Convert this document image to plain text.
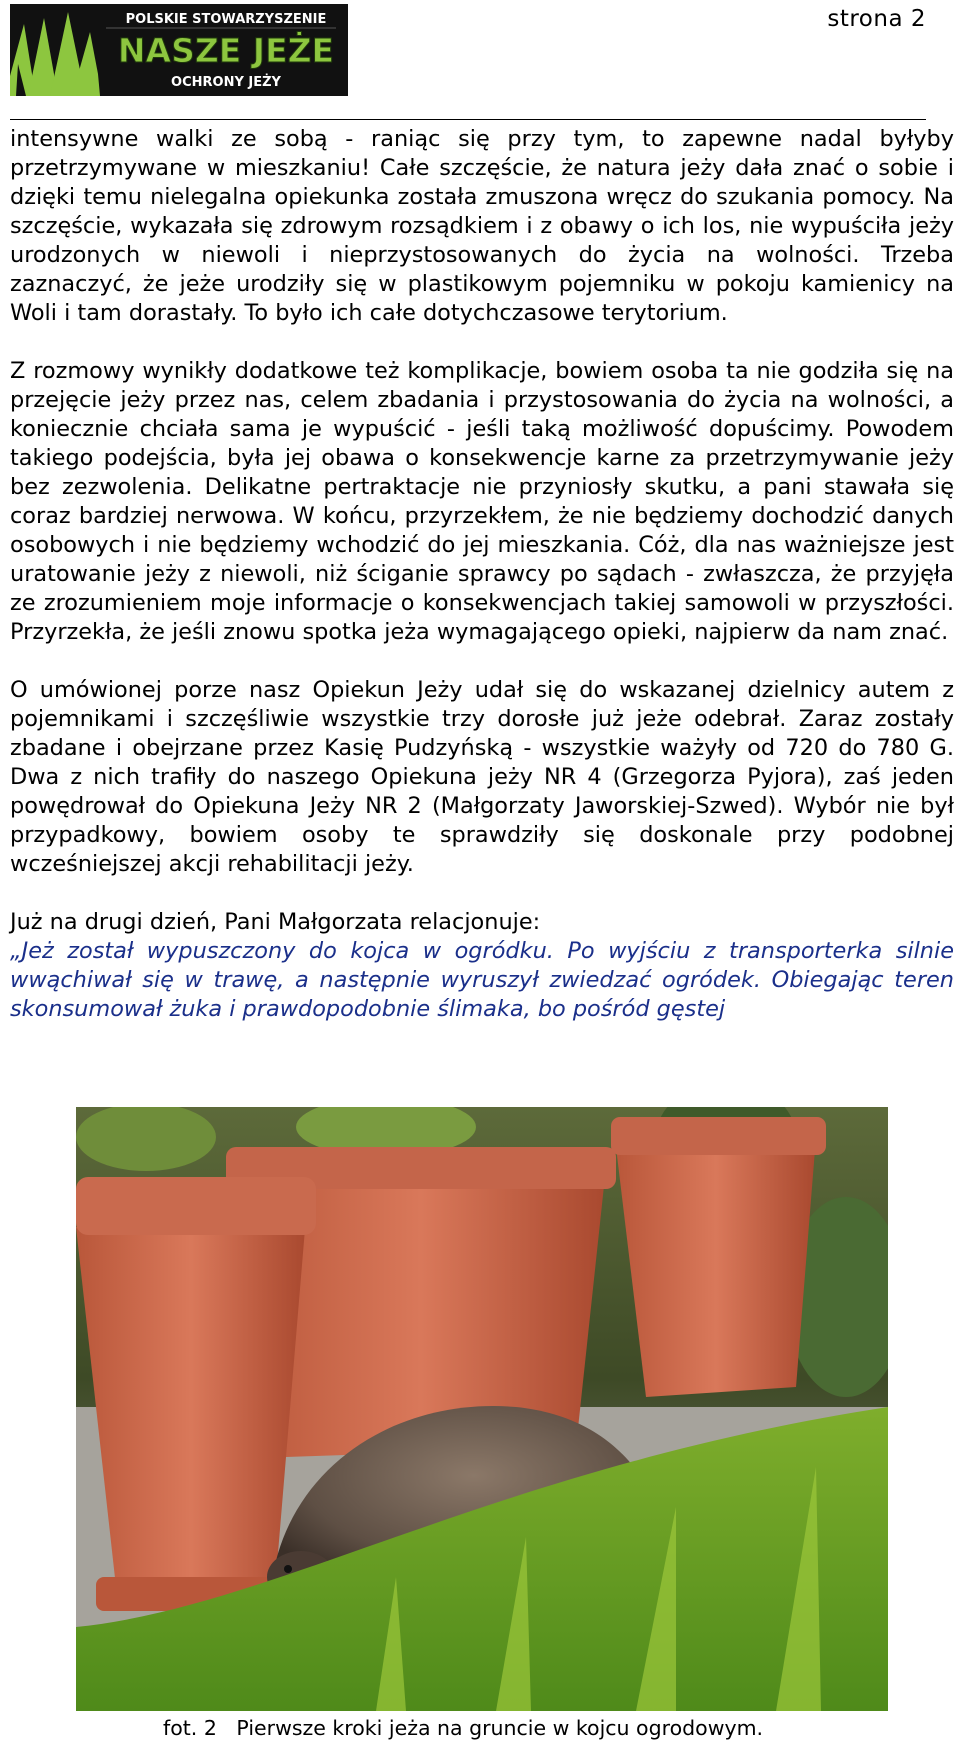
POLSKIE STOWARZYSZENIE
NASZE JEŻE
OCHRONY JEŻY
strona 2

intensywne walki ze sobą - raniąc się przy tym, to zapewne nadal byłyby przetrzymywane w mieszkaniu! Całe szczęście, że natura jeży dała znać o sobie i dzięki temu nielegalna opiekunka została zmuszona wręcz do szukania pomocy. Na szczęście, wykazała się zdrowym rozsądkiem i z obawy o ich los, nie wypuściła jeży urodzonych w niewoli i nieprzystosowanych do życia na wolności. Trzeba zaznaczyć, że jeże urodziły się w plastikowym pojemniku w pokoju kamienicy na Woli i tam dorastały. To było ich całe dotychczasowe terytorium.

Z rozmowy wynikły dodatkowe też komplikacje, bowiem osoba ta nie godziła się na przejęcie jeży przez nas, celem zbadania i przystosowania do życia na wolności, a koniecznie chciała sama je wypuścić - jeśli taką możliwość dopuścimy. Powodem takiego podejścia, była jej obawa o konsekwencje karne za przetrzymywanie jeży bez zezwolenia. Delikatne pertraktacje nie przyniosły skutku, a pani stawała się coraz bardziej nerwowa. W końcu, przyrzekłem, że nie będziemy dochodzić danych osobowych i nie będziemy wchodzić do jej mieszkania. Cóż, dla nas ważniejsze jest uratowanie jeży z niewoli, niż ściganie sprawcy po sądach - zwłaszcza, że przyjęła ze zrozumieniem moje informacje o konsekwencjach takiej samowoli w przyszłości. Przyrzekła, że jeśli znowu spotka jeża wymagającego opieki, najpierw da nam znać.

O umówionej porze nasz Opiekun Jeży udał się do wskazanej dzielnicy autem z pojemnikami i szczęśliwie wszystkie trzy dorosłe już jeże odebrał. Zaraz zostały zbadane i obejrzane przez Kasię Pudzyńską - wszystkie ważyły od 720 do 780 G. Dwa z nich trafiły do naszego Opiekuna jeży NR 4 (Grzegorza Pyjora), zaś jeden powędrował do Opiekuna Jeży NR 2 (Małgorzaty Jaworskiej-Szwed). Wybór nie był przypadkowy, bowiem osoby te sprawdziły się doskonale przy podobnej wcześniejszej akcji rehabilitacji jeży.

Już na drugi dzień, Pani Małgorzata relacjonuje:

„Jeż został wypuszczony do kojca w ogródku. Po wyjściu z transporterka silnie wwąchiwał się w trawę, a następnie wyruszył zwiedzać ogródek. Obiegając teren skonsumował żuka i prawdopodobnie ślimaka, bo pośród gęstej

fot. 2   Pierwsze kroki jeża na gruncie w kojcu ogrodowym.
